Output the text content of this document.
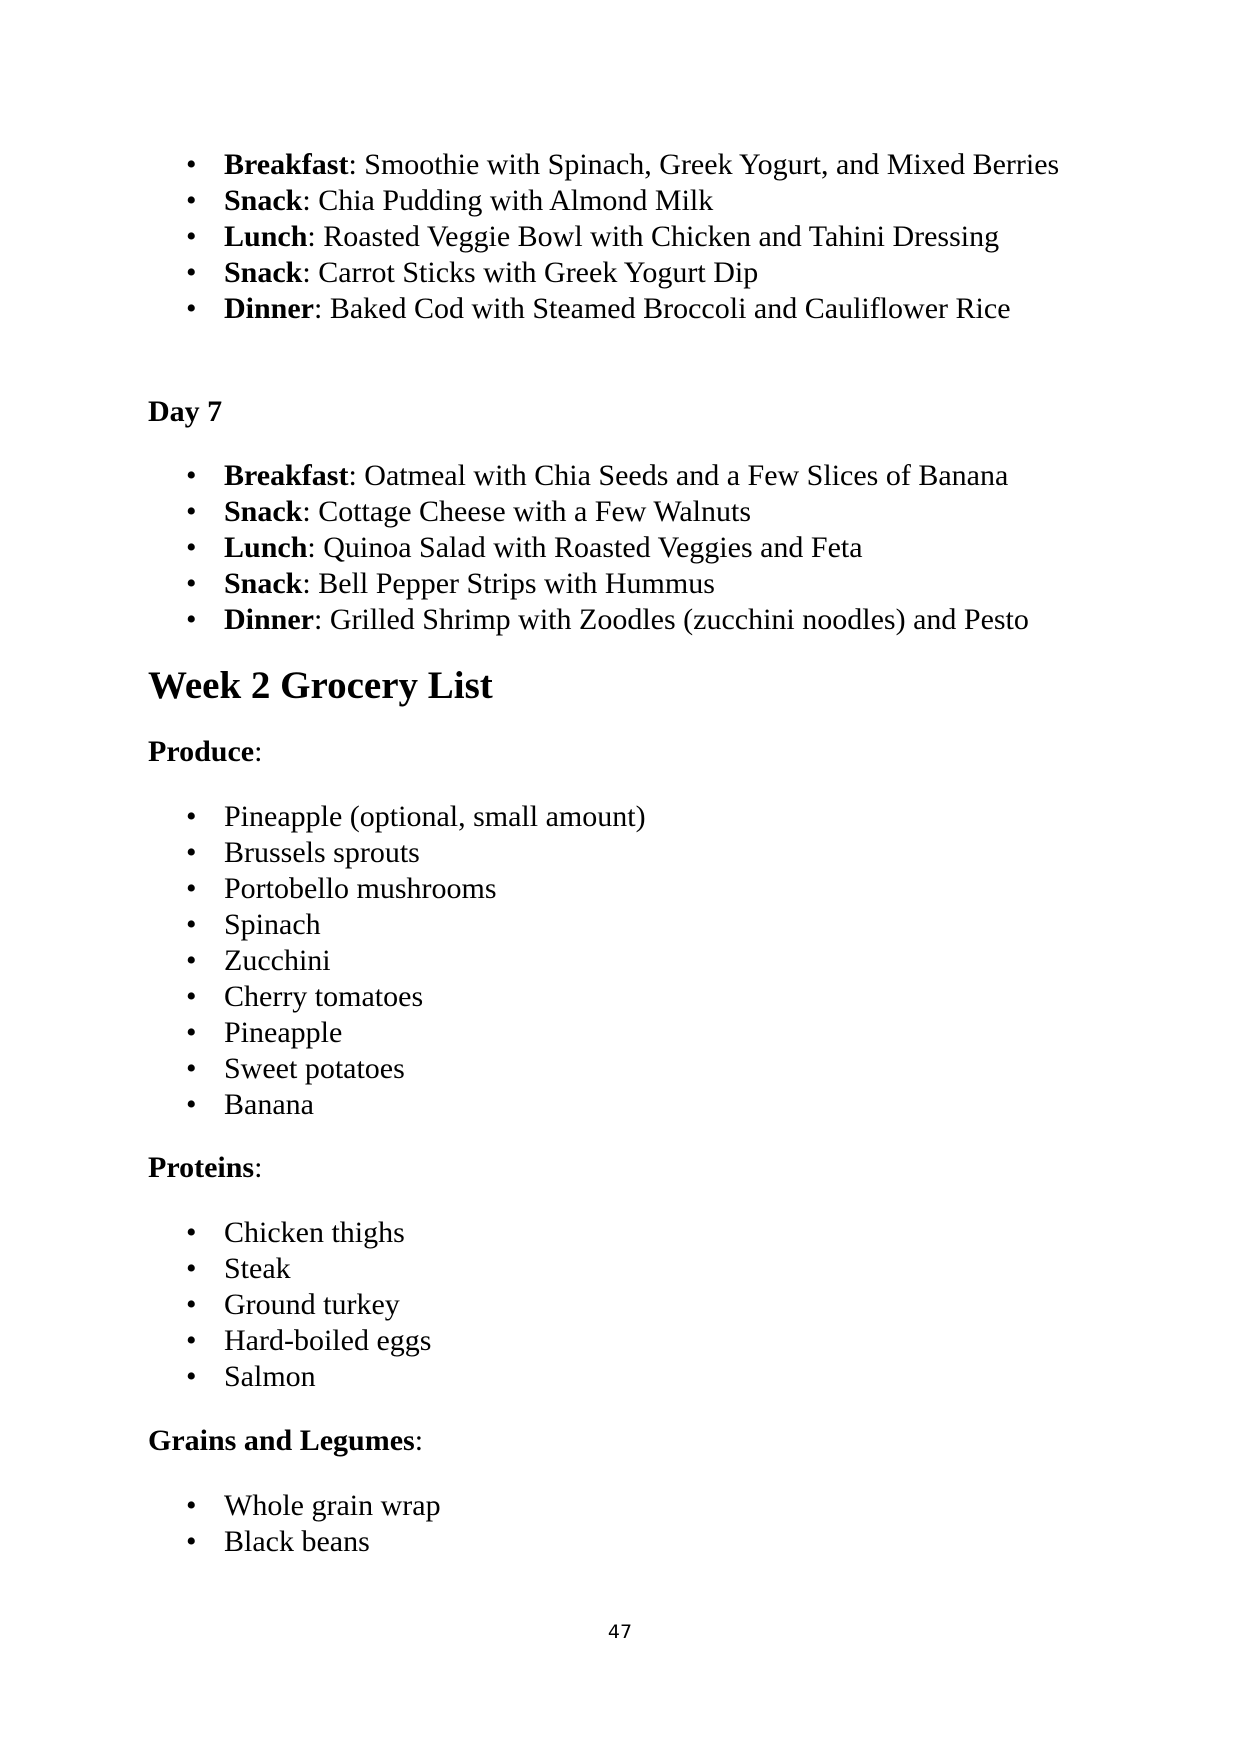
• Breakfast: Smoothie with Spinach, Greek Yogurt, and Mixed Berries
• Snack: Chia Pudding with Almond Milk
• Lunch: Roasted Veggie Bowl with Chicken and Tahini Dressing
• Snack: Carrot Sticks with Greek Yogurt Dip
• Dinner: Baked Cod with Steamed Broccoli and Cauliflower Rice
Day 7
• Breakfast: Oatmeal with Chia Seeds and a Few Slices of Banana
• Snack: Cottage Cheese with a Few Walnuts
• Lunch: Quinoa Salad with Roasted Veggies and Feta
• Snack: Bell Pepper Strips with Hummus
• Dinner: Grilled Shrimp with Zoodles (zucchini noodles) and Pesto
Week 2 Grocery List
Produce:
• Pineapple (optional, small amount)
• Brussels sprouts
• Portobello mushrooms
• Spinach
• Zucchini
• Cherry tomatoes
• Pineapple
• Sweet potatoes
• Banana
Proteins:
• Chicken thighs
• Steak
• Ground turkey
• Hard-boiled eggs
• Salmon
Grains and Legumes:
• Whole grain wrap
• Black beans
47
